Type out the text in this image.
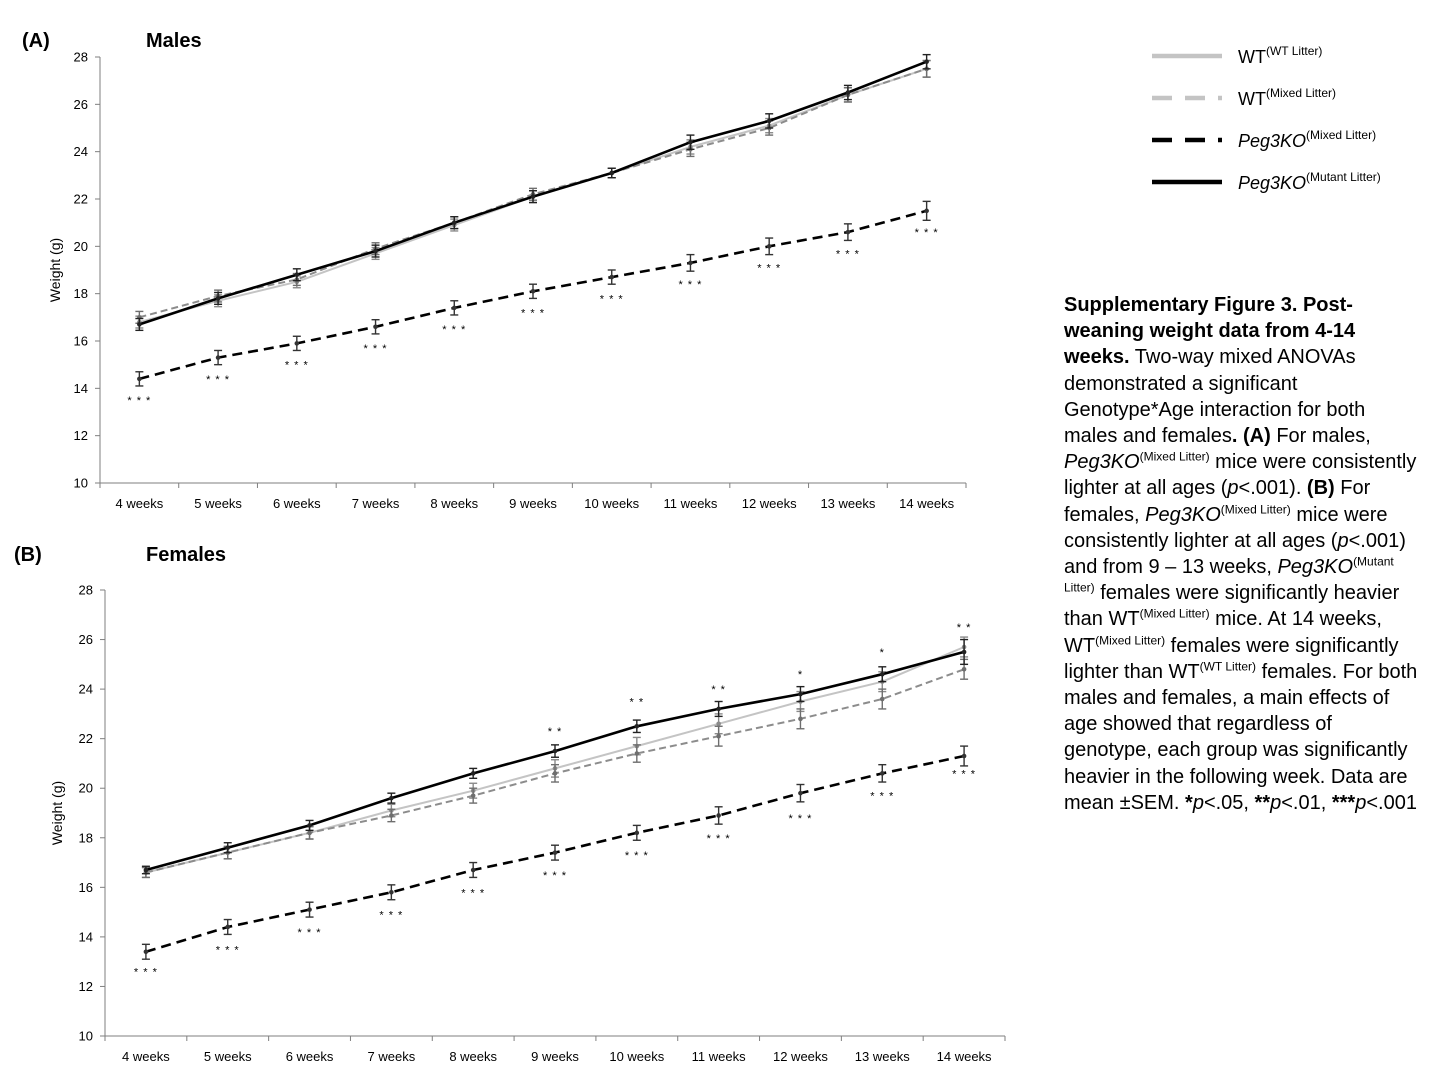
(A)	Males
10
12
14
16
18
20
22
24
26
28
Weight (g)
4 weeks 5 weeks 6 weeks 7 weeks 8 weeks 9 weeks 10 weeks 11 weeks 12 weeks 13 weeks 14 weeks
* * *
* * *
* * *
* * *
* * *
* * *
* * *
* * *
* * *
* * *
* * *
(B)	Females
10
12
14
16
18
20
22
24
26
28
Weight (g)
4 weeks	5 weeks	6 weeks	7 weeks	8 weeks	9 weeks 10 weeks 11 weeks 12 weeks 13 weeks 14 weeks
* * *
* * *
* * *
* * *
* * *
* * *
* * *
* * *
* * *
* * *
* * *
* *
* *
* *
*
*
* *
$WT^{(WT Litter)}$
$WT^{(Mixed Litter)}$
$Peg3KO^{(Mixed Litter)}$
$Peg3KO^{(Mutant Litter)}$
Supplementary Figure 3. Post-weaning weight data from 4-14 weeks. Two-way mixed ANOVAs demonstrated a significant Genotype*Age interaction for both males and females. (A) For males, $Peg3KO^{(Mixed Litter)}$ mice were consistently lighter at all ages (p<.001). (B) For females, $Peg3KO^{(Mixed Litter)}$ mice were consistently lighter at all ages (p<.001) and from 9 – 13 weeks, $Peg3KO^{(Mutant Litter)}$ females were significantly heavier than $WT^{(Mixed Litter)}$ mice. At 14 weeks, $WT^{(Mixed Litter)}$ females were significantly lighter than $WT^{(WT Litter)}$ females. For both males and females, a main effects of age showed that regardless of genotype, each group was significantly heavier in the following week. Data are mean ±SEM. *p<.05, **p<.01, ***p<.001
